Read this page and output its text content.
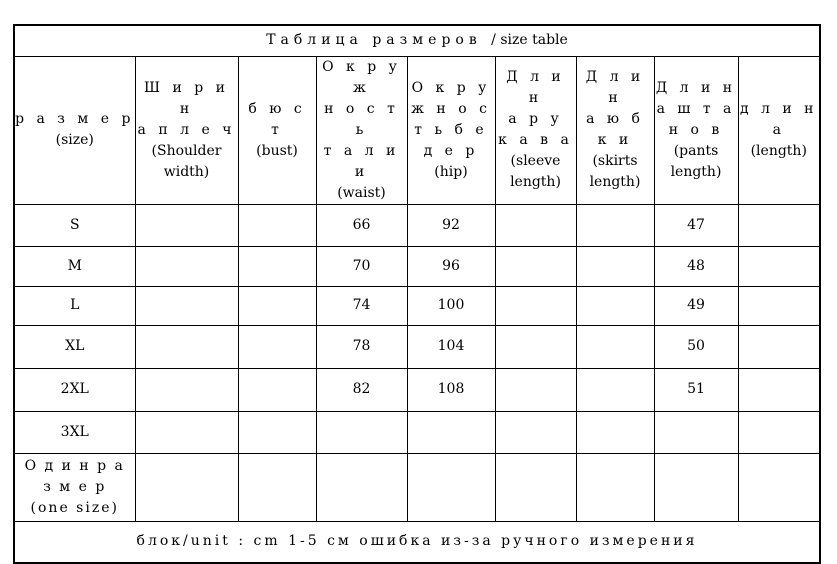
Таблица размеров / size table								

р а з м е р
(size)	Ш и р и н
а п л е ч
(Shoulder
width)	б ю с т
(bust)	О к р у ж
н о с т ь
т а л и и
(waist)	О к р у
ж н о с
т ь б е
д е р
(hip)	Д л и н
а р у
к а в а
(sleeve
length)	Д л и н
а ю б
к и
(skirts
length)	Д л и н
а ш т а
н о в
(pants
length)	д л и н
а
(length)

S			66	92			47	
M			70	96			48	
L			74	100			49	
XL			78	104			50	
2XL			82	108			51	
3XL								
О д и н р а
з м е р
(one size)								
блок/unit : cm 1-5 см ошибка из-за ручного измерения								
